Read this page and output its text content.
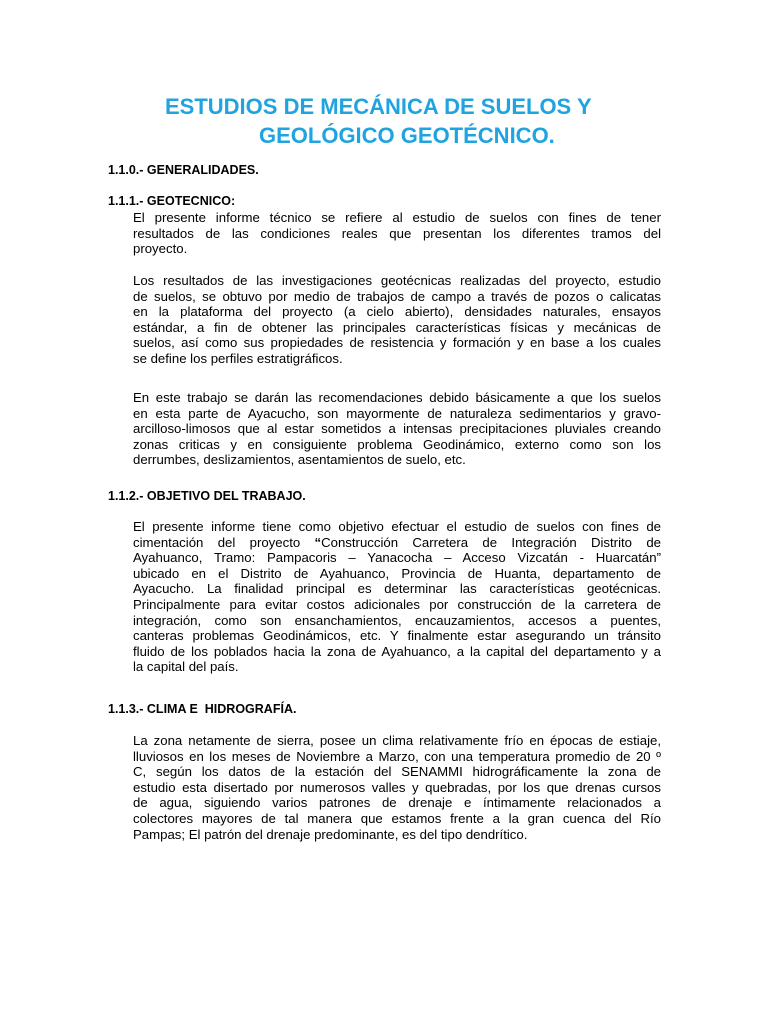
ESTUDIOS DE MECÁNICA DE SUELOS Y
GEOLÓGICO GEOTÉCNICO.
1.1.0.- GENERALIDADES.
1.1.1.- GEOTECNICO:
El presente informe técnico se refiere al estudio de suelos con fines de tener
resultados de las condiciones reales que presentan los diferentes tramos del
proyecto.
Los resultados de las investigaciones geotécnicas realizadas del proyecto, estudio
de suelos, se obtuvo por medio de trabajos de campo a través de pozos o calicatas
en la plataforma del proyecto (a cielo abierto), densidades naturales, ensayos
estándar, a fin de obtener las principales características físicas y mecánicas de
suelos, así como sus propiedades de resistencia y formación y en base a los cuales
se define los perfiles estratigráficos.
En este trabajo se darán las recomendaciones debido básicamente a que los suelos
en esta parte de Ayacucho, son mayormente de naturaleza sedimentarios y gravo-
arcilloso-limosos que al estar sometidos a intensas precipitaciones pluviales creando
zonas criticas y en consiguiente problema Geodinámico, externo como son los
derrumbes, deslizamientos, asentamientos de suelo, etc.
1.1.2.- OBJETIVO DEL TRABAJO.
El presente informe tiene como objetivo efectuar el estudio de suelos con fines de
cimentación del proyecto “Construcción Carretera de Integración Distrito de
Ayahuanco, Tramo: Pampacoris – Yanacocha – Acceso Vizcatán - Huarcatán”
ubicado en el Distrito de Ayahuanco, Provincia de Huanta, departamento de
Ayacucho. La finalidad principal es determinar las características geotécnicas.
Principalmente para evitar costos adicionales por construcción de la carretera de
integración, como son ensanchamientos, encauzamientos, accesos a puentes,
canteras problemas Geodinámicos, etc. Y finalmente estar asegurando un tránsito
fluido de los poblados hacia la zona de Ayahuanco, a la capital del departamento y a
la capital del país.
1.1.3.- CLIMA E  HIDROGRAFÍA.
La zona netamente de sierra, posee un clima relativamente frío en épocas de estiaje,
lluviosos en los meses de Noviembre a Marzo, con una temperatura promedio de 20 º
C, según los datos de la estación del SENAMMI hidrográficamente la zona de
estudio esta disertado por numerosos valles y quebradas, por los que drenas cursos
de agua, siguiendo varios patrones de drenaje e íntimamente relacionados a
colectores mayores de tal manera que estamos frente a la gran cuenca del Río
Pampas; El patrón del drenaje predominante, es del tipo dendrítico.
